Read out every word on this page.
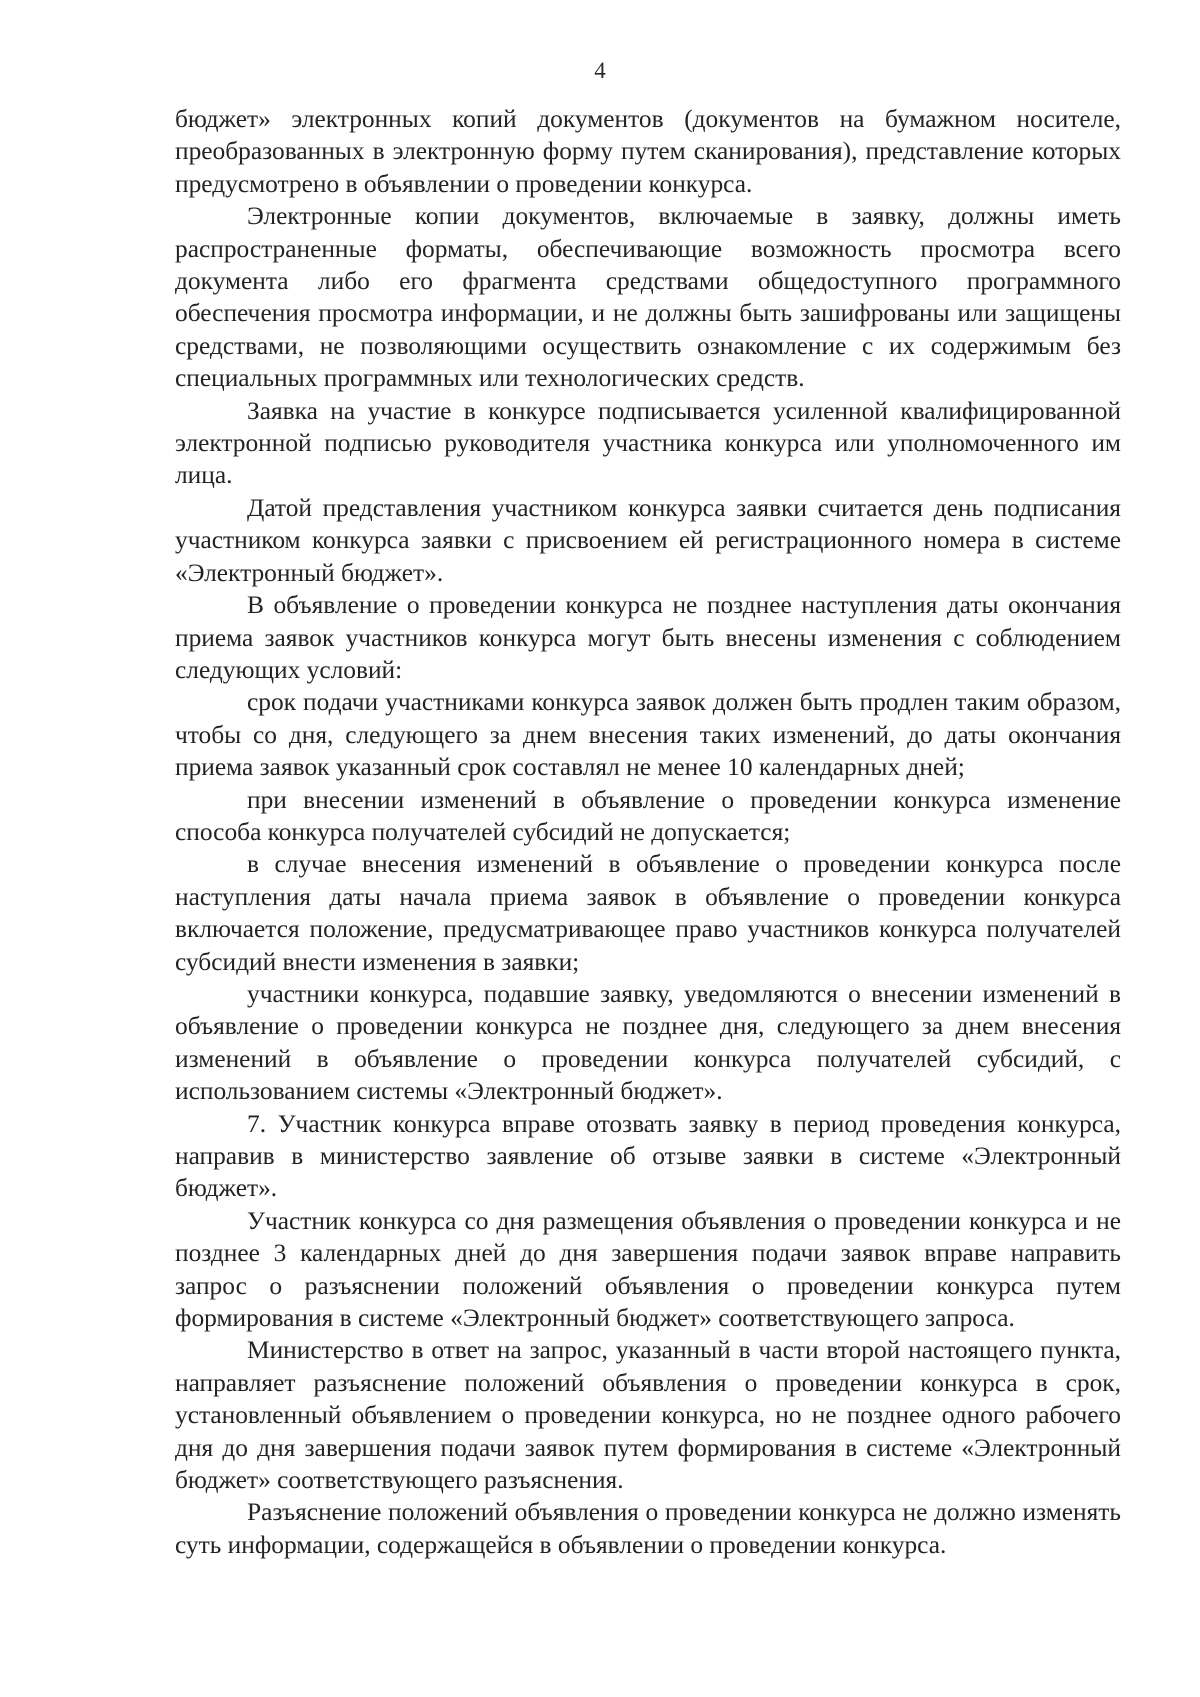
4

бюджет» электронных копий документов (документов на бумажном носителе, преобразованных в электронную форму путем сканирования), представление которых предусмотрено в объявлении о проведении конкурса.

Электронные копии документов, включаемые в заявку, должны иметь распространенные форматы, обеспечивающие возможность просмотра всего документа либо его фрагмента средствами общедоступного программного обеспечения просмотра информации, и не должны быть зашифрованы или защищены средствами, не позволяющими осуществить ознакомление с их содержимым без специальных программных или технологических средств.

Заявка на участие в конкурсе подписывается усиленной квалифицированной электронной подписью руководителя участника конкурса или уполномоченного им лица.

Датой представления участником конкурса заявки считается день подписания участником конкурса заявки с присвоением ей регистрационного номера в системе «Электронный бюджет».

В объявление о проведении конкурса не позднее наступления даты окончания приема заявок участников конкурса могут быть внесены изменения с соблюдением следующих условий:

срок подачи участниками конкурса заявок должен быть продлен таким образом, чтобы со дня, следующего за днем внесения таких изменений, до даты окончания приема заявок указанный срок составлял не менее 10 календарных дней;

при внесении изменений в объявление о проведении конкурса изменение способа конкурса получателей субсидий не допускается;

в случае внесения изменений в объявление о проведении конкурса после наступления даты начала приема заявок в объявление о проведении конкурса включается положение, предусматривающее право участников конкурса получателей субсидий внести изменения в заявки;

участники конкурса, подавшие заявку, уведомляются о внесении изменений в объявление о проведении конкурса не позднее дня, следующего за днем внесения изменений в объявление о проведении конкурса получателей субсидий, с использованием системы «Электронный бюджет».

7. Участник конкурса вправе отозвать заявку в период проведения конкурса, направив в министерство заявление об отзыве заявки в системе «Электронный бюджет».

Участник конкурса со дня размещения объявления о проведении конкурса и не позднее 3 календарных дней до дня завершения подачи заявок вправе направить запрос о разъяснении положений объявления о проведении конкурса путем формирования в системе «Электронный бюджет» соответствующего запроса.

Министерство в ответ на запрос, указанный в части второй настоящего пункта, направляет разъяснение положений объявления о проведении конкурса в срок, установленный объявлением о проведении конкурса, но не позднее одного рабочего дня до дня завершения подачи заявок путем формирования в системе «Электронный бюджет» соответствующего разъяснения.

Разъяснение положений объявления о проведении конкурса не должно изменять суть информации, содержащейся в объявлении о проведении конкурса.
